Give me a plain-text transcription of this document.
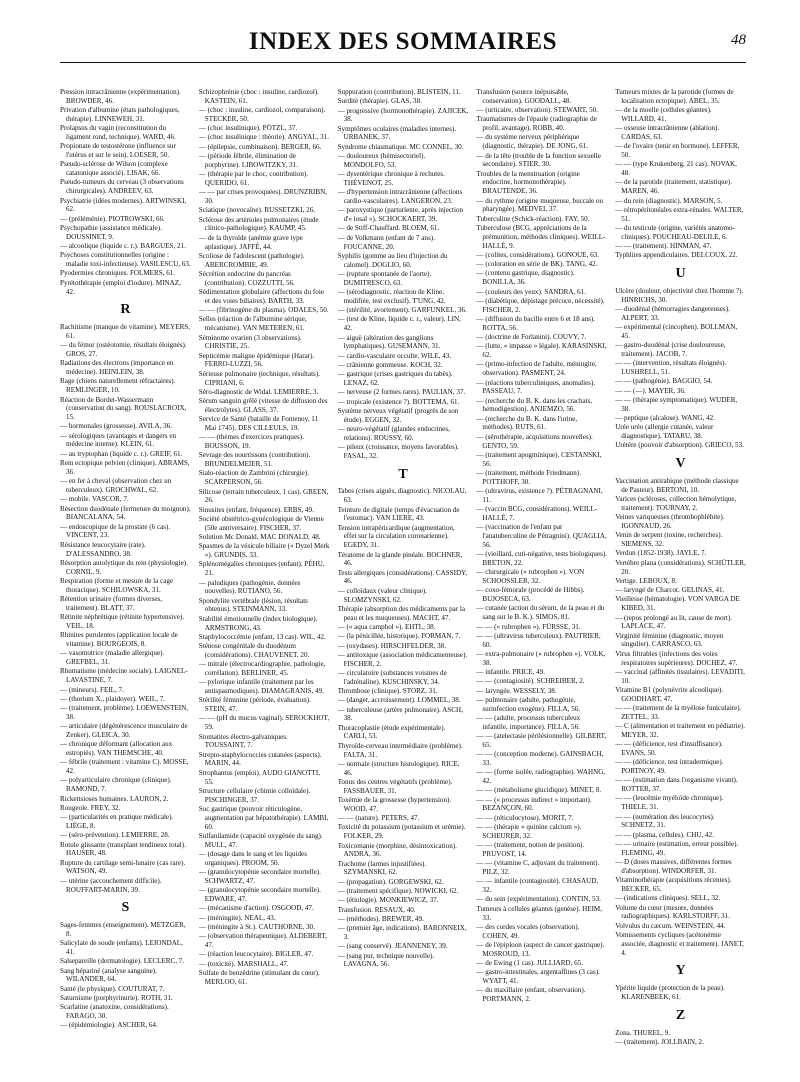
INDEX DES SOMMAIRES	48

Pression intracrânienne (expérimentation). BROWDER, 46.

Privation d'albumine (états pathologiques, thérapie). LINNEWEH, 31.

Prolapsus du vagin (reconstitution du ligament rond, technique). WARD, 46.

Propionate de testostérone (influence sur l'utérus et sur le sein). LOESER, 50.

Pseudo-sclérose de Wilson (complexe catatonique associé). LISAK, 66.

Pseudo-tumeurs du cerveau (3 observations chirurgicales). ANDREEV, 63.

Psychiatrie (idées modernes). ARTWINSKI, 62.

— (préléménie). PIOTROWSKI, 66.

Psychopathie (assistance médicale). DOUSSINET, 9.

— alcoolique (liquide c. r.). BARGUES, 21.

Psychoses constitutionnelles (origine : maladie toxi-infectieuse). VASILESCU, 63.

Pyodermies chroniques. FOLMERS, 61.

Pyrétothérapie (emploi d'iodure). MINAZ, 42.

R

Rachitisme (manque de vitamine). MEYERS, 61.

— du fémur (ostéotomie, résultats éloignés). GROS, 27.

Radiations des électrons (importance en médecine). HEINLEIN, 38.

Rage (chiens naturellement réfractaires). REMLINGER, 10.

Réaction de Bordet-Wassermann (conservation du sang). ROUSLACROIX, 15.

— hormonales (grossesse). AVILA, 36.

— sérologiques (avantages et dangers en médecine interne). KLEIN, 61.

— au tryptophan (liquide c. r.). GREIF, 61.

Rein ectopique pelvien (clinique). ABRAMS, 36.

— en fer à cheval (observation chez un tuberculeux). GROCHWAL, 62.

— mobile. VASCOR, 7.

Résection duodénale (fermeture du moignon). BIANCALANA, 54.

— endoscopique de la prostate (6 cas). VINCENT, 23.

Résistance leucocytaire (rate). D'ALESSANDRO, 38.

Résorption autolytique du rein (physiologie). CORNIL, 9.

Respiration (forme et mesure de la cage thoracique). SCHILOWSKA, 31.

Rétention urinaire (formes diverses, traitement). BLATT, 37.

Rétinite néphrétique (rétinite hypertensive). VEIL, 18.

Rhinites purulentes (application locale de vitamine). BOURGEOIS, 8.

— vasomotrice (maladie allergique). GREFBEL, 31.

Rhumatisme (médecine sociale). LAIGNEL-LAVASTINE, 7.

— (mineurs). FEIL, 7.

— (thorium X., plaidoyer). WEIL, 7.

— (traitement, problème). LOEWENSTEIN, 38.

— articulaire (dégénérescence musculaire de Zenker). GLEICA, 30.

— chronique déformant (allocation aux estropiés). VAN THEMSCHE, 40.

— fébrile (traitement : vitamine C). MOSSE, 42.

— polyarticulaire chronique (clinique). RAMOND, 7.

Rickettsioses humaines. LAURON, 2.

Rougeole. FREY, 32.

— (particularités en pratique médicale). LIÈGE, 8.

— (séro-prévention). LEMIERRE, 28.

Rotule glissante (transplant tendineux total). HAUSER, 48.

Rupture du cartilage semi-lunaire (cas rare). WATSON, 49.

— utérine (accouchement difficile). ROUFFART-MARIN, 39.

S

Sages-femmes (enseignement). METZGER, 8.

Salicylate de soude (enfants). LEIONDAL, 41.

Salsepareille (dermatologie). LECLERC, 7.

Sang hépariné (analyse sanguine). WILANDER, 64.

Santé (le physique). COUTURAT, 7.

Saturnisme (porphyrinurie). ROTH, 31.

Scarlatine (anatoxine, considérations). FARAGO, 30.

— (épidémiologie). ASCHER, 64.

Schizophrénie (choc : insuline, cardiozol). KASTEIN, 61.

— (choc : insuline, cardiozol, comparaison). STECKER, 50.

— (choc insulinique). PÖTZL, 37.

— (choc insulinique : théorie). ANGYAL, 31.

— (épilepsie, combinaison). BERGER, 66.

— (période fébrile, élimination de porphyrine). LIBOWITZKY, 31.

— (thérapie par le choc, contribution). QUERIDO, 61.

— — par crises provoquées). DRUNZRIBN, 30.

Sciatique (novocaïne). RUSSETZKI, 26.

Sclérose des artérioles pulmonaires (étude clinico-pathologique). KAUMP, 45.

— de la thyroïde (anémie grave type aplastique). JAFFÉ, 44.

Scoliose de l'adolescent (pathologie). ABERCROMBIE, 49.

Sécrétion endocrine du pancréas (contribution). COZZUTTI, 56.

Sédimentation globulaire (affections du foie et des voies biliaires). BARTH, 33.

— — (fibrinogène du plasma). ODALES, 50.

Selles (réaction de l'albumine sérique, mécanisme). VAN METEREN, 61.

Séminome ovarien (3 observations). CHRISTIE, 25.

Septicémie maligne épidémique (Harar). FERRO-LUZZI, 56.

Sérieuse pulmonaire (technique, résultats). CIPRIANI, 6.

Séro-diagnostic de Widal. LEMIERRE, 3.

Sérum sanguin grêlé (vitesse de diffusion des électrolytes). GLASS, 37.

Service de Santé (bataille de Fontenoy, 11 Mai 1745). DES CILLEULS, 19.

— — (thèmes d'exercices pratiques). BOUSSON, 19.

Sevrage des nourrissons (contribution). BRUNDELMEIER, 51.

Sialo-réaction de Zambrini (chirurgie). SCARPERSON, 56.

Silicose (terrain tuberculeux, 1 cas). GREEN, 26.

Sinusites (enfant, fréquence). ERBS, 49.

Société obstétrico-gynécologique de Vienne (50e anniversaire). FISCHER, 37.

Solution Mc Donald. MAC DONALD, 48.

Spasmes de la vésicule biliaire (« Dyzel Merk »). GRUNDIS, 33.

Splénomégalies chroniques (enfant). PÉHU, 21.

— paludiques (pathogénie, données nouvelles). RUTIANO, 56.

Spondylite vertébrale (lésion, résultats obtenus). STEINMANN, 33.

Stabilité émotionnelle (index biologique). ARMSTRONG, 43.

Staphylococcémie (enfant, 13 cas). WIL, 42.

Sténose congénitale du duodénum (considérations). CHAUVENET, 20.

— mitrale (électrocardiographie, pathologie, corrélation). BERLINER, 45.

— pylorique infantile (traitement par les antispasmodiques). DIAMAGRANIS, 49.

Stérilité féminine (période, évaluation). STEIN, 47.

— — (pH du mucus vaginal). SEROCKHOT, 59.

Stomatites électro-galvaniques. TOUSSAINT, 7.

Strepto-staphylococcies cutanées (aspects). MARIN, 44.

Strophantus (emploi). AUDO GIANOTTI, 55.

Structure cellulaire (chimie colloïdale). PISCHINGER, 37.

Suc gastrique (pouvoir réticulogène, augmentation par hépatothérapie). LAMBI, 60.

Sulfanilamide (capacité oxygénée du sang). MULL, 47.

— (dosage dans le sang et les liquides organiques). PROOM, 50.

— (granulocytopénie secondaire mortelle). SCHWARTZ, 47.

— (granulocytopénie secondaire mortelle). EDWARE, 47.

— (mécanisme d'action). OSGOOD, 47.

— (méningite). NEAL, 43.

— (méningite à St.). CAUTHORNE, 30.

— (observation thérapeutique). ALDEBERT, 47.

— (réaction leucocytaire). BIGLER, 47.

— (toxicité). MARSHALL, 47.

Sulfate de benzédrine (stimulant du cœur). MERLOO, 61.

Suppuration (contribution). BLISTEIN, 11.

Surdité (thérapie). GLAS, 38.

— progressive (hormonothérapie). ZAJICEK, 38.

Symptômes oculaires (maladies internes). URBANEK, 37.

Syndrome chiasmatique. MC CONNEL, 30.

— douloureux (hémisectoriel). MONDOLFO, 53.

— dysentérique chronique à rechutes. THÉVENOT, 25.

— d'hypertension intracrânienne (affections cardio-vasculaires). LANGERON, 23.

— paroxystique (parturiente, après injection d'« iosal »). SCHOCKAERT, 39.

— de Stiff-Chauffard. BLOEM, 61.

— de Volkmann (enfant de 7 ans). FOUCANNE, 20.

Syphilis (gomme au lieu d'injection du calomel). DOGLIO, 60.

— (rupture spontanée de l'aorte). DUMITRESCO, 63.

— (sérodiagnostic, réaction de Kline, modifiée, test exclusif). T'UNG, 42.

— (stérilité, avortement). GARFUNKEL, 36.

— (test de Kline, liquide c. r., valeur). LIN, 42.

— aiguë (altération des ganglions lymphatiques). GUSEMANN, 31.

— cardio-vasculaire occulte. WILE, 43.

— crânienne gommeuse. KOCH, 32.

— gastrique (crises gastriques du tabès). LENAZ, 62.

— nerveuse (2 formes rares). PAULIAN, 37.

— tropicale (existence ?). BOTTEMA, 61.

Système nerveux végétatif (progrès de son étude). EGGEN, 32.

— neuro-végétatif (glandes endocrines, relations). ROUSSY, 60.

— pileux (croissance, moyens favorables). FASAL, 32.

T

Tabes (crises aiguës, diagnostic). NICOLAU, 63.

Teinture de digitale (temps d'évacuation de l'estomac). VAN LIERE, 43.

Tension intrapéricardique (augmentation, effet sur la circulation coronarienne). EGEDY, 31.

Tératome de la glande pinéale. BOCHNER, 46.

Tests allergiques (considérations). CASSIDY, 46.

— colloïdaux (valeur clinique). SLOMZYNSKI, 62.

Thérapie (absorption des médicaments par la peau et les muqueuses). MACHT, 47.

— (« aqua camphol »). EHTL, 38.

— (la pénicillée, historique). FORMAN, 7.

— (oxydases). HIRSCHFELDER, 38.

— antitoxique (association médicamenteuse). FISCHER, 2.

— circulatoire (substances voisines de l'adrénaline). KUSCHINSKY, 34.

Thrombose (clinique). STORZ, 31.

— (danger, accroissement). LOMMEL, 38.

— tuberculeuse (artère pulmonaire). ASCH, 38.

Thoracoplastie (étude expérimentale). CARLI, 53.

Thyroïde-cerveau intermédiaire (problème). FALTA, 31.

— normale (structure histologique). RICE, 46.

Tonus des centres végétatifs (problème). FASSBAUER, 31.

Toxémie de la grossesse (hypertension). WOOD, 47.

— — (nature). PETERS, 47.

Toxicité du potassium (potassium et urémie). FOLKER, 29.

Toxicomanie (morphine, désintoxication). ANDRA, 36.

Trachome (larmes injustifiées). SZYMANSKI, 62.

— (propagation). GORGEWSKI, 62.

— (traitement spécifique). NOWICKI, 62.

— (étiologie). MONKIEWICZ, 37.

Transfusion. RESAUX, 40.

— (méthodes). BREWER, 49.

— (premier âge, indications). BARONNEIX, 3.

— (sang conservé). JEANNENEY, 39.

— (sang pur, technique nouvelle). LAVAGNA, 56.

Transfusion (source inépuisable, conservation). GOODALL, 48.

— (urticaire, observation). STEWART, 50.

Traumatismes de l'épaule (radiographie de profil, avantage). ROBB, 40.

— du système nerveux périphérique (diagnostic, thérapie). DE JONG, 61.

— de la tête (trouble de la fonction sexuelle secondaire). STIER, 30.

Troubles de la menstruation (origine endocrine, hormonothérapie). BRAUTENDE, 36.

— du rythme (origine muqueuse, buccale ou pharyngée). MEDVEI, 37.

Tuberculine (Schick-réaction). FAY, 50.

Tuberculose (BCG, appréciations de la prémunition, méthodes cliniques). WEILL-HALLÉ, 9.

— (colites, considérations). GONOUE, 63.

— (coloration en série de BK). TANG, 42.

— (contenu gastrique, diagnostic). BONILLA, 36.

— (couleurs des yeux). SANDRA, 61.

— (diabétique, dépistage précoce, nécessité). FISCHER, 2.

— (diffusion du bacille entre 6 et 18 ans). ROTTA, 56.

— (doctrine de Forlanini). COUVY, 7.

— (lutte, « impasse » légale). KARASINSKI, 62.

— (primo-infection de l'adulte, méningite, observation). PASMENT, 24.

— (réactions tuberculiniques, anomalies). PASSEAU, 7.

— (recherche du B. K. dans les crachats, hémodigestion). ANJEMZO, 56.

— (recherche du B. K. dans l'urine, méthodes). RUTS, 61.

— (sérothérapie, acquisitions nouvelles). GENTO, 59.

— (traitement apogminique). CESTANSKI, 56.

— (traitement, méthode Friedmann). POTTHOFF, 30.

— (ultravirus, existence ?). PÉTRAGNANI, 11.

— (vaccin BCG, considérations). WEILL-HALLÉ, 7.

— (vaccination de l'enfant par l'anatuberculine de Pétragnini). QUAGLIA, 56.

— (vieillard, cuti-négative, tests biologiques). BRETON, 22.

— chirurgicale (« rubrophen »). VON SCHOOSSLER, 32.

— coxo-fémorale (procédé de Hibbs). BUJOSECA, 63.

— cutanée (action du sérum, de la peau et du sang sur le B. K.). SIMOS, 81.

— — (« rubrophen »). FÜRSSE, 31.

— — (ultravirus tuberculeux). PAUTRIER, 60.

— extra-pulmonaire (« rubrophen »). VOLK, 38.

— infantile. PRICE, 49.

— — (contagiosité). SCHREIBER, 2.

— laryngée. WESSELY, 38.

— pulmonaire (adulte, pathogénie, surinfection exogène). FILLA, 56.

— — (adulte, processus tuberculeux infantile, importance). FILLA, 56.

— — (atelectasie périlésionnelle). GILBERT, 65.

— — (conception moderne). GAINSBACH, 33.

— — (forme isolée, radiographie). WAHNG, 42.

— — (métabolisme glucidique). MINET, 8.

— — (« processus indirect » important). BEZANÇON, 60.

— — (réticulocytose). MORIT, 7.

— — (thérapie « quinine calcium »). SCHEURER, 32.

— — (traitement, notion de position). PRUVOST, 14.

— — (vitamine C, adjuvant du traitement). PILZ, 32.

— — infantile (contagiosité). CHASAUD, 32.

— du sein (expérimentation). CONTIN, 53.

Tumeurs à cellules géantes (genèse). HEIM, 33.

— des cordes vocales (observation). COHEN, 49.

— de l'épiploon (aspect de cancer gastrique). MOSROUD, 13.

— de Ewing (1 cas). JULLIARD, 65.

— gastro-intestinales, argentaffines (3 cas). WYATT, 41.

— du maxillaire (enfant, observation). PORTMANN, 2.

Tumeurs mixtes de la parotide (formes de localisation ectopique). ABEL, 35.

— de la moelle (cellules géantes). WILLARD, 41.

— osseuse intracrânienne (ablation). CARDAS, 63.

— de l'ovaire (tenir en hormone). LEFFER, 50.

— — (type Krukenberg, 21 cas). NOVAK, 48.

— de la parotide (traitement, statistique). MAREN, 46.

— du rein (diagnostic). MARSON, 5.

— rétropéritonéales extra-rénales. WALTER, 51.

— du testicule (origine, variétés anatomo-cliniques). POUCHEAU-DELILE, 6.

— — (traitement). HINMAN, 47.

Typhlites appendiculaires. DELCOUX, 22.

U

Ulcère (douleur, objectivité chez l'homme ?). HINRICHS, 30.

— duodénal (hémorragies dangereuses). ALPERT, 33.

— expérimental (cincophen). BOLLMAN, 45.

— gastro-duodénal (crise douloureuse, traitement). JACOB, 7.

— — (intervention, résultats éloignés). LUSHRELL, 51.

— — (pathogénie). BAGGIO, 54.

— — (—). MAYER, 36.

— — (thérapie symptomatique). WUDER, 38.

— peptique (alcalose). WANG, 42.

Urée uréo (allergie cutanée, valeur diagnostique). TATARU, 38.

Urétère (pouvoir d'absorption). GRIECO, 53.

V

Vaccination antirabique (méthode classique de Pasteur). BERTONI, 10.

Varices (scléroses, collection hémolytique, traitement). TOURNAY, 2.

Veines variqueuses (thrombophlébite). IGONNAUD, 26.

Venin de serpent (toxine, recherches). SIEMENS, 32.

Verdun (1852-1938). JAYLE, 7.

Vertèbre plana (considérations). SCHÜTLER, 20.

Vertige. LEBOUX, 8.

— laryngé de Charcot. GELINAS, 41.

Vieillesse (hématologie). VON VARGA DE KIBED, 31.

— (repos prolongé au lit, cause de mort). LAPLACE, 47.

Virginité féminine (diagnostic, moyen singulier). CARRASCO, 63.

Virus filtrables (infections des voies respiratoires supérieures). DOCHEZ, 47.

— vaccinal (affinités tissulaires). LEVADITI, 10.

Vitamine B1 (polynévrite alcoolique). GOODHART, 47.

— — (traitement de la myélose funiculaire). ZETTEL, 33.

— C (alimentation et traitement en pédiatrie). MEYER, 32.

— — (déficience, test d'insuffisance). EVANS, 50.

— — (déficience, test intradermique). PORTNOY, 49.

— — (estimation dans l'organisme vivant). ROTTER, 37.

— — (leucémie myéloïde chronique). THIELE, 31.

— — (numération des leucocytes). SCHNETZ, 31.

— — (plasma, cellules). CHU, 42.

— — urinaire (estimation, erreur possible). FLEMING, 49.

— D (doses massives, différentes formes d'absorption). WINDORFER, 31.

Vitaminothérapie (acquisitions récentes). BECKER, 65.

— (indications cliniques). SELL, 32.

Volume du cœur (mesure, données radiographiques). KARLSTORFF, 31.

Volvulus du cæcum. WEINSTEIN, 44.

Vomissements cycliques (acétonémie associée, diagnostic et traitement). JANET, 4.

Y

Ypérite liquide (protection de la peau). KLARENBEEK, 61.

Z

Zona. THUREL, 9.

— (traitement). JOLLBAIN, 2.
